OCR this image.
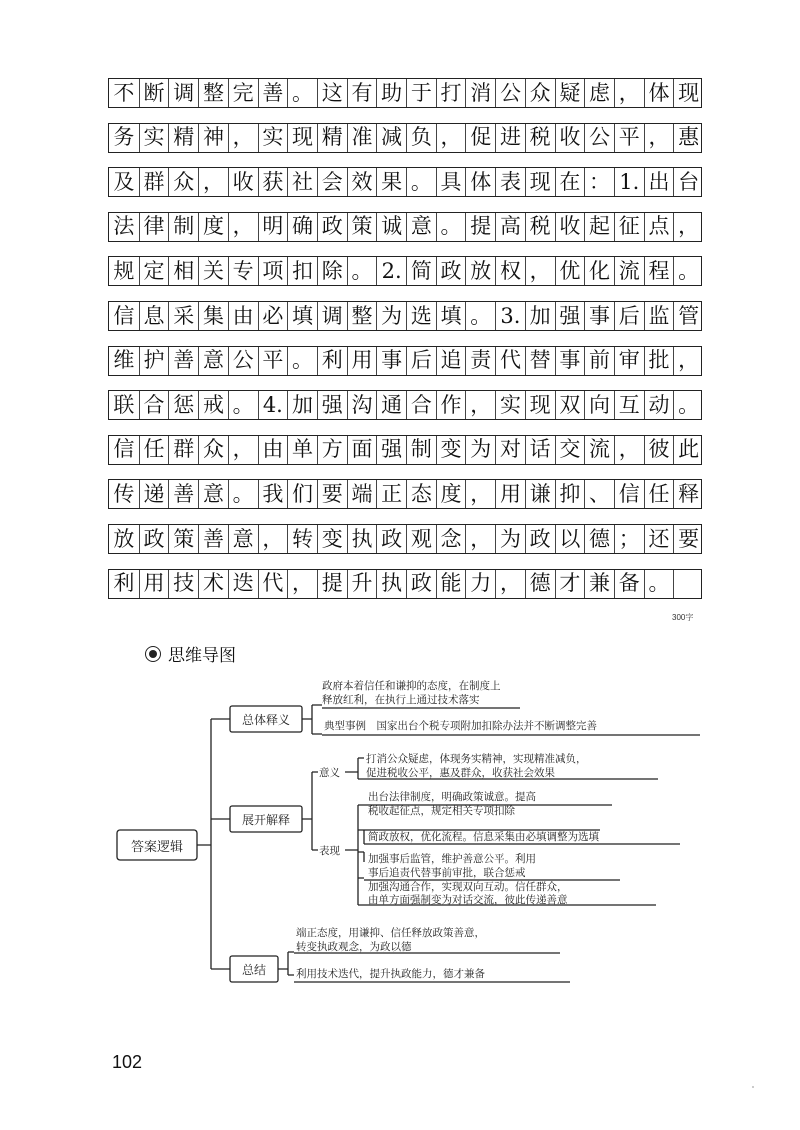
不 断 调 整 完 善 。 这 有 助 于 打 消 公 众 疑 虑 ， 体 现
务 实 精 神 ， 实 现 精 准 减 负 ， 促 进 税 收 公 平 ， 惠
及 群 众 ， 收 获 社 会 效 果 。 具 体 表 现 在 ： 1. 出 台
法 律 制 度 ， 明 确 政 策 诚 意 。 提 高 税 收 起 征 点 ，
规 定 相 关 专 项 扣 除 。 2. 简 政 放 权 ， 优 化 流 程 。
信 息 采 集 由 必 填 调 整 为 选 填 。 3. 加 强 事 后 监 管
维 护 善 意 公 平 。 利 用 事 后 追 责 代 替 事 前 审 批 ，
联 合 惩 戒 。 4. 加 强 沟 通 合 作 ， 实 现 双 向 互 动 。
信 任 群 众 ， 由 单 方 面 强 制 变 为 对 话 交 流 ， 彼 此
传 递 善 意 。 我 们 要 端 正 态 度 ， 用 谦 抑 、 信 任 释
放 政 策 善 意 ， 转 变 执 政 观 念 ， 为 政 以 德 ； 还 要
利 用 技 术 迭 代 ， 提 升 执 政 能 力 ， 德 才 兼 备 。
300字
思维导图
答案逻辑
总体释义
展开解释
总结
政府本着信任和谦抑的态度，在制度上
释放红利，在执行上通过技术落实
典型事例　国家出台个税专项附加扣除办法并不断调整完善
意义
打消公众疑虑，体现务实精神，实现精准减负，
促进税收公平，惠及群众，收获社会效果
表现
出台法律制度，明确政策诚意。提高
税收起征点，规定相关专项扣除
简政放权，优化流程。信息采集由必填调整为选填
加强事后监管，维护善意公平。利用
事后追责代替事前审批，联合惩戒
加强沟通合作，实现双向互动。信任群众，
由单方面强制变为对话交流，彼此传递善意
端正态度，用谦抑、信任释放政策善意，
转变执政观念，为政以德
利用技术迭代，提升执政能力，德才兼备
102
